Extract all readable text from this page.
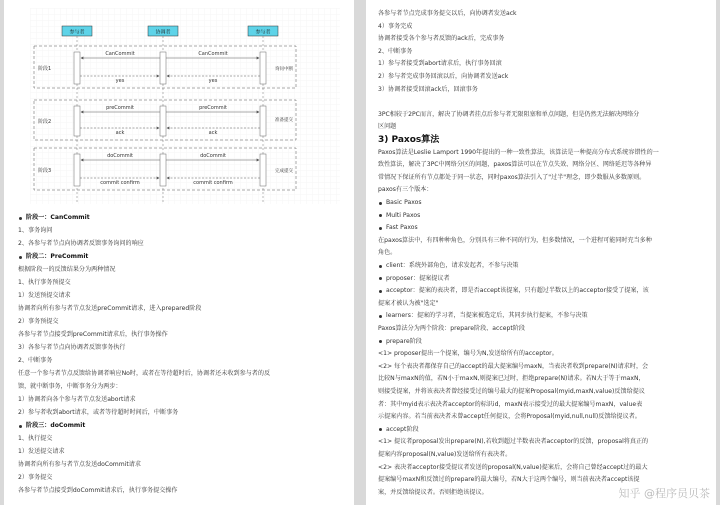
参与者	协调者	参与者
阶段1
阶段2
阶段3
CanCommit	CanCommit
yes	yes
preCommit	preCommit
ack	ack
doCommit	doCommit
commit confirm	commit confirm
询问中断
准备提交
完成提交
阶段一：CanCommit
1、事务询问
2、各参与者节点向协调者反馈事务询问的响应
阶段二：PreCommit
根据阶段一的反馈结果分为两种情况
1、执行事务预提交
1）发送预提交请求
协调者向所有参与者节点发送preCommit请求，进入prepared阶段
2）事务预提交
各参与者节点接受到preCommit请求后，执行事务操作
3）各参与者节点向协调者反馈事务执行
2、中断事务
任意一个参与者节点反馈给协调者响应No时，或者在等待超时后，协调者还未收到参与者的反
馈，就中断事务，中断事务分为两步：
1）协调者向各个参与者节点发送abort请求
2）参与者收到abort请求，或者等待超时时间后，中断事务
阶段三：doCommit
1、执行提交
1）发送提交请求
协调者向所有参与者节点发送doCommit请求
2）事务提交
各参与者节点接受到doCommit请求后，执行事务提交操作
各参与者节点完成事务提交以后，向协调者发送ack
4）事务完成
协调者接受各个参与者反馈的ack后，完成事务
2、中断事务
1）参与者接受到abort请求后，执行事务回滚
2）参与者完成事务回滚以后，向协调者发送ack
3）协调者接受回滚ack后，回滚事务
3PC相较于2PC而言，解决了协调者挂点后参与者无限阻塞和单点问题，但是仍然无法解决网络分
区问题
3) Paxos算法
Paxos算法是Leslie Lamport 1990年提出的一种一致性算法，该算法是一种提高分布式系统容错性的一
致性算法，解决了3PC中网络分区的问题，paxos算法可以在节点失效、网络分区、网络延迟等各种异
常情况下保证所有节点都处于同一状态，同时paxos算法引入了"过半"理念，即少数服从多数原则。
paxos有三个版本：
Basic Paxos
Multi Paxos
Fast Paxos
在paxos算法中，有四种种角色，分别具有三种不同的行为，但多数情况，一个进程可能同时充当多种
角色。
client：系统外部角色，请求发起者，不参与决策
proposer：提案提议者
acceptor：提案的表决者，即是否accept该提案，只有超过半数以上的acceptor接受了提案，该
提案才被认为被"选定"
learners：提案的学习者，当提案被选定后，其同步执行提案，不参与决策
Paxos算法分为两个阶段：prepare阶段、accept阶段
prepare阶段
<1> proposer提出一个提案，编号为N,发送给所有的acceptor。
<2> 每个表决者都保存自己的accept的最大提案编号maxN，当表决者收到prepare(N)请求时，会
比较N与maxN的值，若N小于maxN,则提案已过时，拒绝prepare(N)请求。若N大于等于maxN，
则接受提案，并将该表决者曾经接受过的编号最大的提案Proposal(myid,maxN,value)反馈给提议
者：其中myid表示表决者acceptor的标识id，maxN表示接受过的最大提案编号maxN，value表
示提案内容。若当前表决者未曾accept任何提议，会将Proposal(myid,null,null)反馈给提议者。
accept阶段
<1> 提议者proposal发出prepare(N),若收到超过半数表决者acceptor的反馈，proposal将真正的
提案内容proposal(N,value)发送给所有表决者。
<2> 表决者acceptor接受提议者发送的proposal(N,value)提案后，会将自己曾经accept过的最大
提案编号maxN和反馈过的prepare的最大编号，若N大于这两个编号，则当前表决者accept该提
案，并反馈给提议者。否则拒绝该提议。	知乎 @程序员贝茶
